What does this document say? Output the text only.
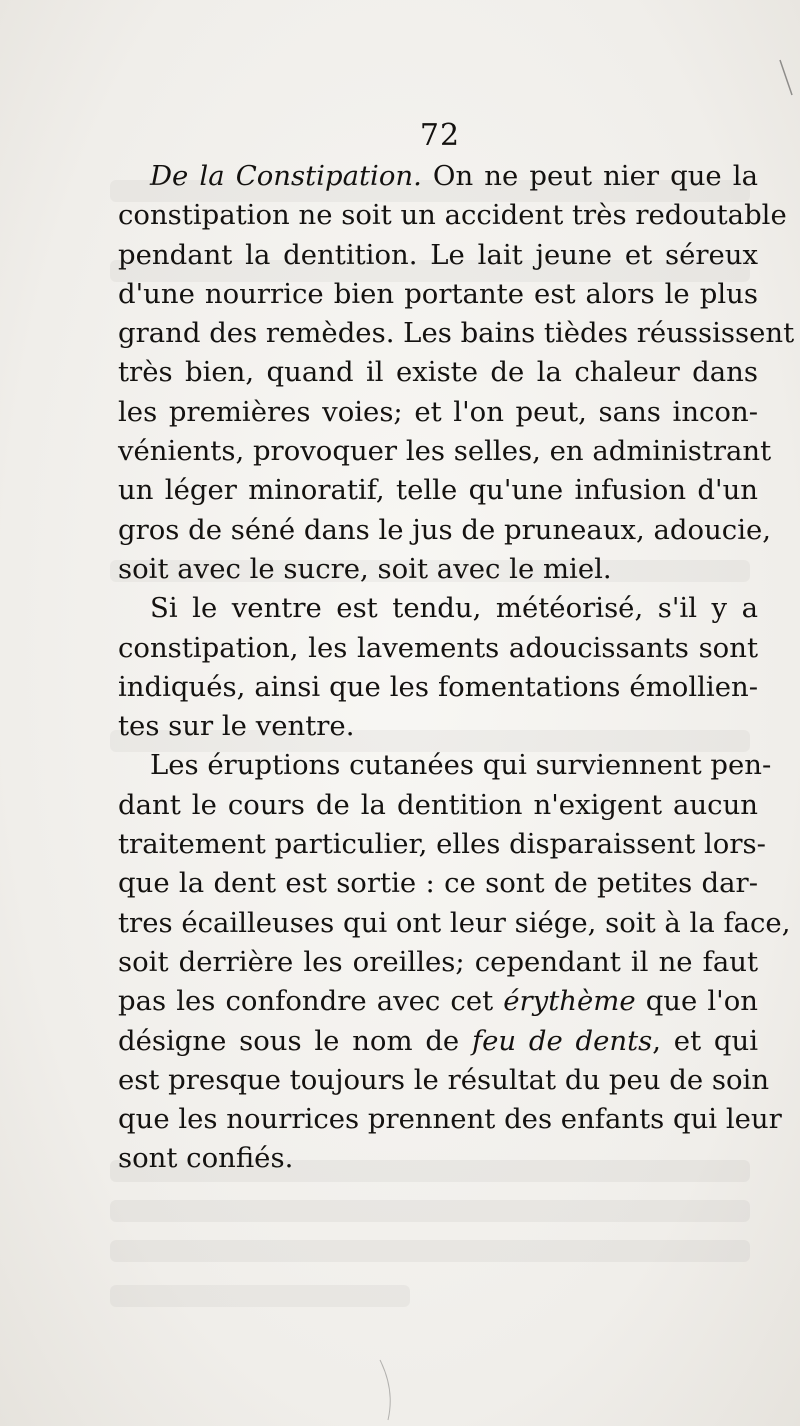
72
De la Constipation. On ne peut nier que la
constipation ne soit un accident très redoutable
pendant la dentition. Le lait jeune et séreux
d'une nourrice bien portante est alors le plus
grand des remèdes. Les bains tièdes réussissent
très bien, quand il existe de la chaleur dans
les premières voies; et l'on peut, sans incon-
vénients, provoquer les selles, en administrant
un léger minoratif, telle qu'une infusion d'un
gros de séné dans le jus de pruneaux, adoucie,
soit avec le sucre, soit avec le miel.
Si le ventre est tendu, météorisé, s'il y a
constipation, les lavements adoucissants sont
indiqués, ainsi que les fomentations émollien-
tes sur le ventre.
Les éruptions cutanées qui surviennent pen-
dant le cours de la dentition n'exigent aucun
traitement particulier, elles disparaissent lors-
que la dent est sortie : ce sont de petites dar-
tres écailleuses qui ont leur siége, soit à la face,
soit derrière les oreilles; cependant il ne faut
pas les confondre avec cet érythème que l'on
désigne sous le nom de feu de dents, et qui
est presque toujours le résultat du peu de soin
que les nourrices prennent des enfants qui leur
sont confiés.
